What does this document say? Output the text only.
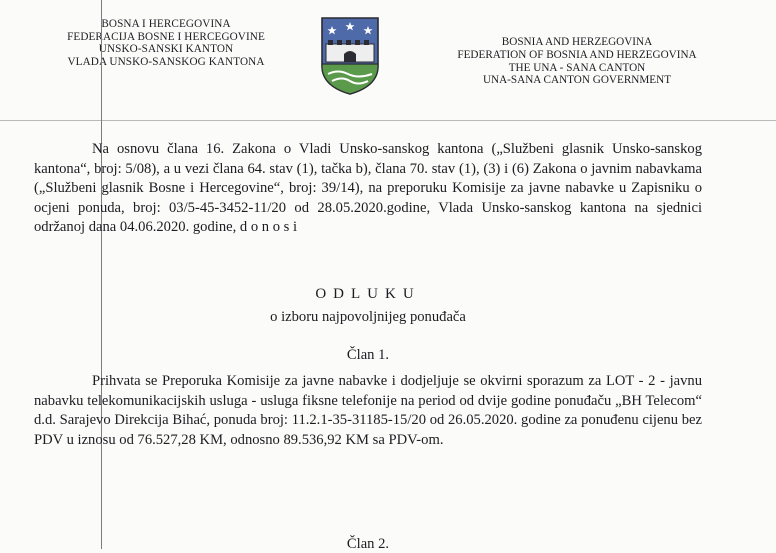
BOSNA I HERCEGOVINA
FEDERACIJA BOSNE I HERCEGOVINE
UNSKO-SANSKI KANTON
VLADA UNSKO-SANSKOG KANTONA
BOSNIA AND HERZEGOVINA
FEDERATION OF BOSNIA AND HERZEGOVINA
THE UNA - SANA CANTON
UNA-SANA CANTON GOVERNMENT
Na osnovu člana 16. Zakona o Vladi Unsko-sanskog kantona („Službeni glasnik Unsko-sanskog kantona“, broj: 5/08), a u vezi člana 64. stav (1), tačka b), člana 70. stav (1), (3) i (6) Zakona o javnim nabavkama („Službeni glasnik Bosne i Hercegovine“, broj: 39/14), na preporuku Komisije za javne nabavke u Zapisniku o ocjeni ponuda, broj: 03/5-45-3452-11/20 od 28.05.2020.godine, Vlada Unsko-sanskog kantona na sjednici održanoj dana 04.06.2020. godine, d o n o s i
ODLUKU
o izboru najpovoljnijeg ponuđača
Član 1.
Prihvata se Preporuka Komisije za javne nabavke i dodjeljuje se okvirni sporazum za LOT - 2 - javnu nabavku telekomunikacijskih usluga - usluga fiksne telefonije na period od dvije godine ponuđaču „BH Telecom“ d.d. Sarajevo Direkcija Bihać, ponuda broj: 11.2.1-35-31185-15/20 od 26.05.2020. godine za ponuđenu cijenu bez PDV u iznosu od 76.527,28 KM, odnosno 89.536,92 KM sa PDV-om.
Član 2.
